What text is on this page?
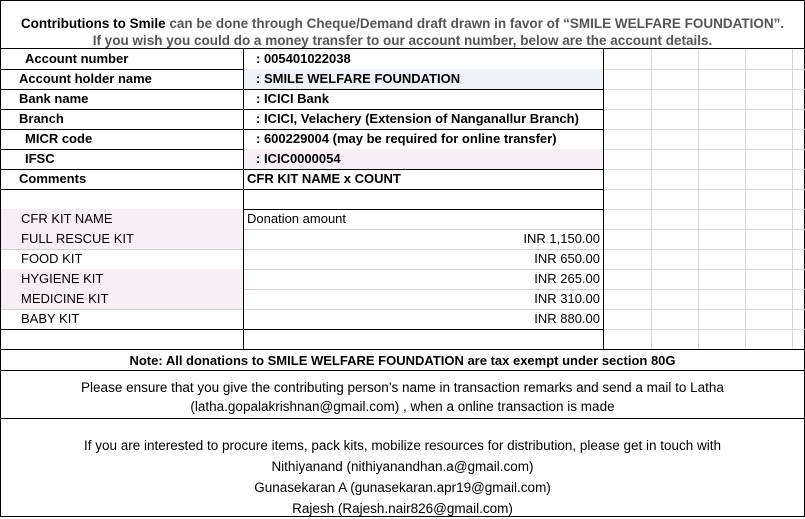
Contributions to Smile can be done through Cheque/Demand draft drawn in favor of “SMILE WELFARE FOUNDATION”.
If you wish you could do a money transfer to our account number, below are the account details.
Account number	: 005401022038
Account holder name	: SMILE WELFARE FOUNDATION
Bank name	: ICICI Bank
Branch	: ICICI, Velachery (Extension of Nanganallur Branch)
MICR code	: 600229004 (may be required for online transfer)
IFSC	: ICIC0000054
Comments	CFR KIT NAME x COUNT
CFR KIT NAME	Donation amount
FULL RESCUE KIT	INR 1,150.00
FOOD KIT	INR 650.00
HYGIENE KIT	INR 265.00
MEDICINE KIT	INR 310.00
BABY KIT	INR 880.00
Note: All donations to SMILE WELFARE FOUNDATION are tax exempt under section 80G
Please ensure that you give the contributing person’s name in transaction remarks and send a mail to Latha
(latha.gopalakrishnan@gmail.com) , when a online transaction is made
If you are interested to procure items, pack kits, mobilize resources for distribution, please get in touch with
Nithiyanand (nithiyanandhan.a@gmail.com)
Gunasekaran A (gunasekaran.apr19@gmail.com)
Rajesh (Rajesh.nair826@gmail.com)
